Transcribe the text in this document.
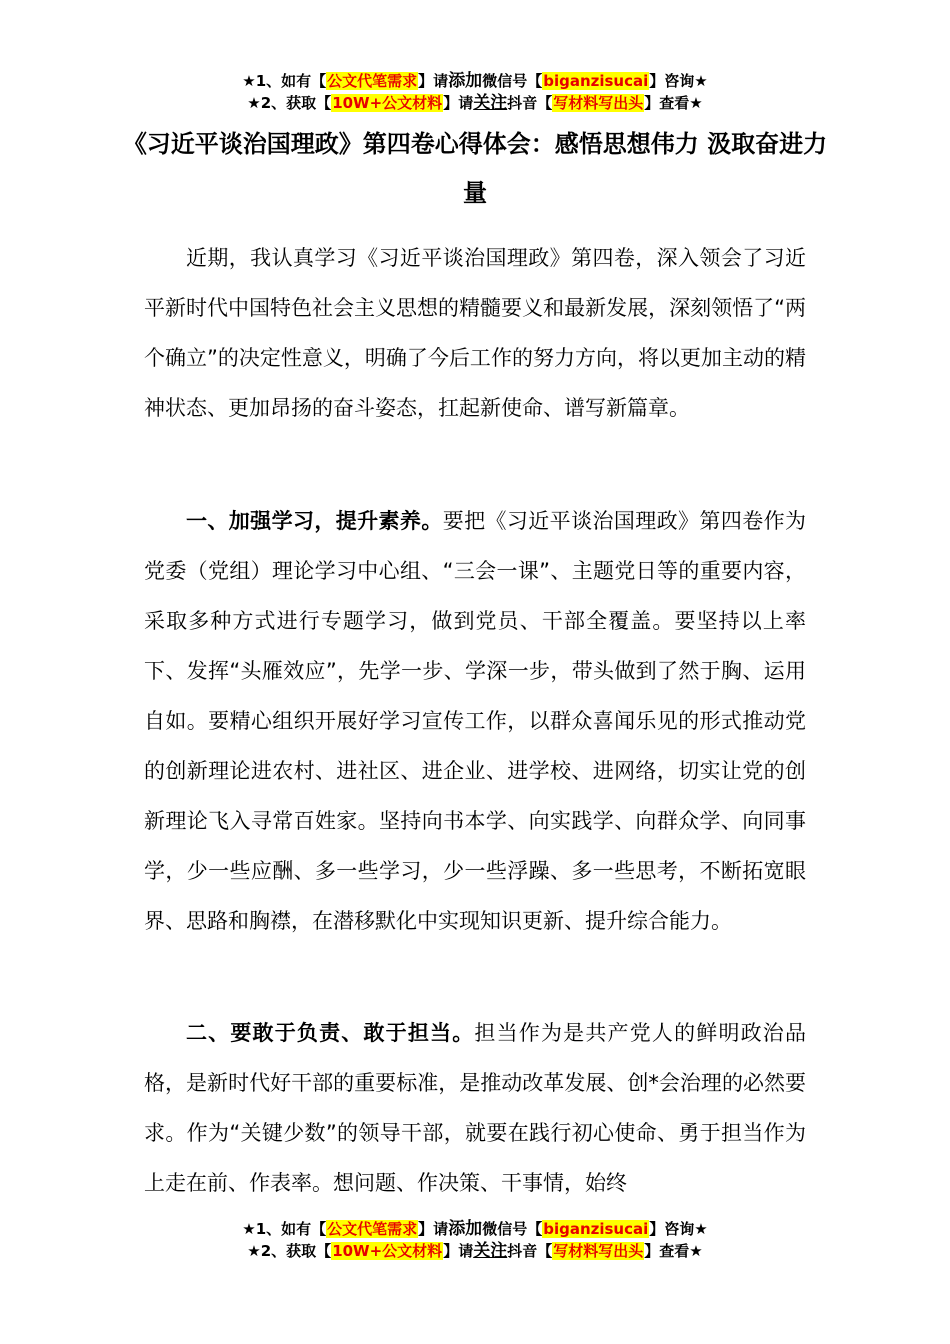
★1、如有【公文代笔需求】请添加微信号【biganzisucai】咨询★
★2、获取【10W+公文材料】请关注抖音【写材料写出头】查看★
《习近平谈治国理政》第四卷心得体会：感悟思想伟力 汲取奋进力量

近期，我认真学习《习近平谈治国理政》第四卷，深入领会了习近平新时代中国特色社会主义思想的精髓要义和最新发展，深刻领悟了“两个确立”的决定性意义，明确了今后工作的努力方向，将以更加主动的精神状态、更加昂扬的奋斗姿态，扛起新使命、谱写新篇章。

一、加强学习，提升素养。要把《习近平谈治国理政》第四卷作为党委（党组）理论学习中心组、“三会一课”、主题党日等的重要内容，采取多种方式进行专题学习，做到党员、干部全覆盖。要坚持以上率下、发挥“头雁效应”，先学一步、学深一步，带头做到了然于胸、运用自如。要精心组织开展好学习宣传工作，以群众喜闻乐见的形式推动党的创新理论进农村、进社区、进企业、进学校、进网络，切实让党的创新理论飞入寻常百姓家。坚持向书本学、向实践学、向群众学、向同事学，少一些应酬、多一些学习，少一些浮躁、多一些思考，不断拓宽眼界、思路和胸襟，在潜移默化中实现知识更新、提升综合能力。

二、要敢于负责、敢于担当。担当作为是共产党人的鲜明政治品格，是新时代好干部的重要标准，是推动改革发展、创*会治理的必然要求。作为“关键少数”的领导干部，就要在践行初心使命、勇于担当作为上走在前、作表率。想问题、作决策、干事情，始终

★1、如有【公文代笔需求】请添加微信号【biganzisucai】咨询★
★2、获取【10W+公文材料】请关注抖音【写材料写出头】查看★
